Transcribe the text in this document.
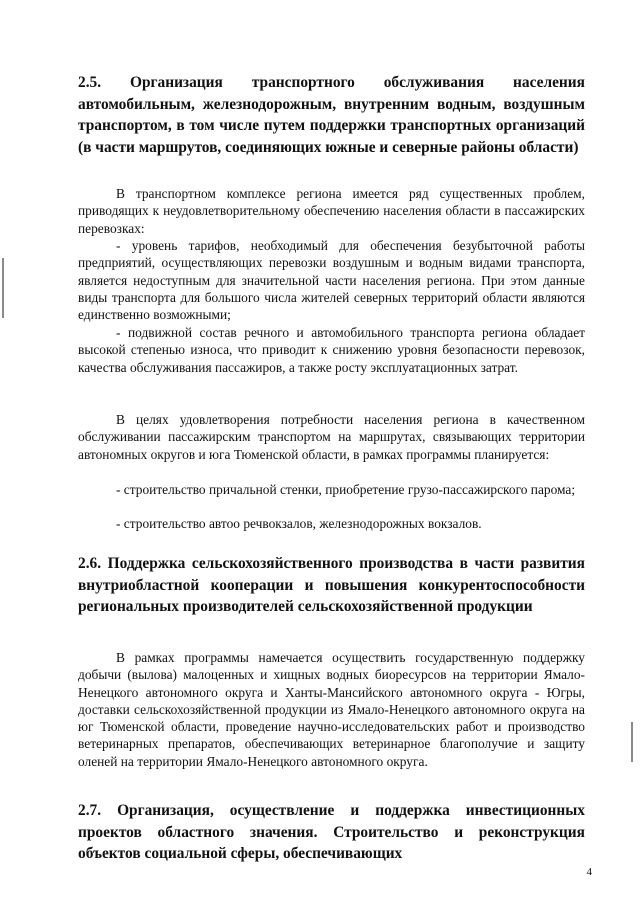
2.5. Организация транспортного обслуживания населения автомобильным, железнодорожным, внутренним водным, воздушным транспортом, в том числе путем поддержки транспортных организаций (в части маршрутов, соединяющих южные и северные районы области)

В транспортном комплексе региона имеется ряд существенных проблем, приводящих к неудовлетворительному обеспечению населения области в пассажирских перевозках:

- уровень тарифов, необходимый для обеспечения безубыточной работы предприятий, осуществляющих перевозки воздушным и водным видами транспорта, является недоступным для значительной части населения региона. При этом данные виды транспорта для большого числа жителей северных территорий области являются единственно возможными;

- подвижной состав речного и автомобильного транспорта региона обладает высокой степенью износа, что приводит к снижению уровня безопасности перевозок, качества обслуживания пассажиров, а также росту эксплуатационных затрат.

В целях удовлетворения потребности населения региона в качественном обслуживании пассажирским транспортом на маршрутах, связывающих территории автономных округов и юга Тюменской области, в рамках программы планируется:

- строительство причальной стенки, приобретение грузо-пассажирского парома;

- строительство автоо речвокзалов, железнодорожных вокзалов.

2.6. Поддержка сельскохозяйственного производства в части развития внутриобластной кооперации и повышения конкурентоспособности региональных производителей сельскохозяйственной продукции

В рамках программы намечается осуществить государственную поддержку добычи (вылова) малоценных и хищных водных биоресурсов на территории Ямало-Ненецкого автономного округа и Ханты-Мансийского автономного округа - Югры, доставки сельскохозяйственной продукции из Ямало-Ненецкого автономного округа на юг Тюменской области, проведение научно-исследовательских работ и производство ветеринарных препаратов, обеспечивающих ветеринарное благополучие и защиту оленей на территории Ямало-Ненецкого автономного округа.

2.7. Организация, осуществление и поддержка инвестиционных проектов областного значения. Строительство и реконструкция объектов социальной сферы, обеспечивающих
4
